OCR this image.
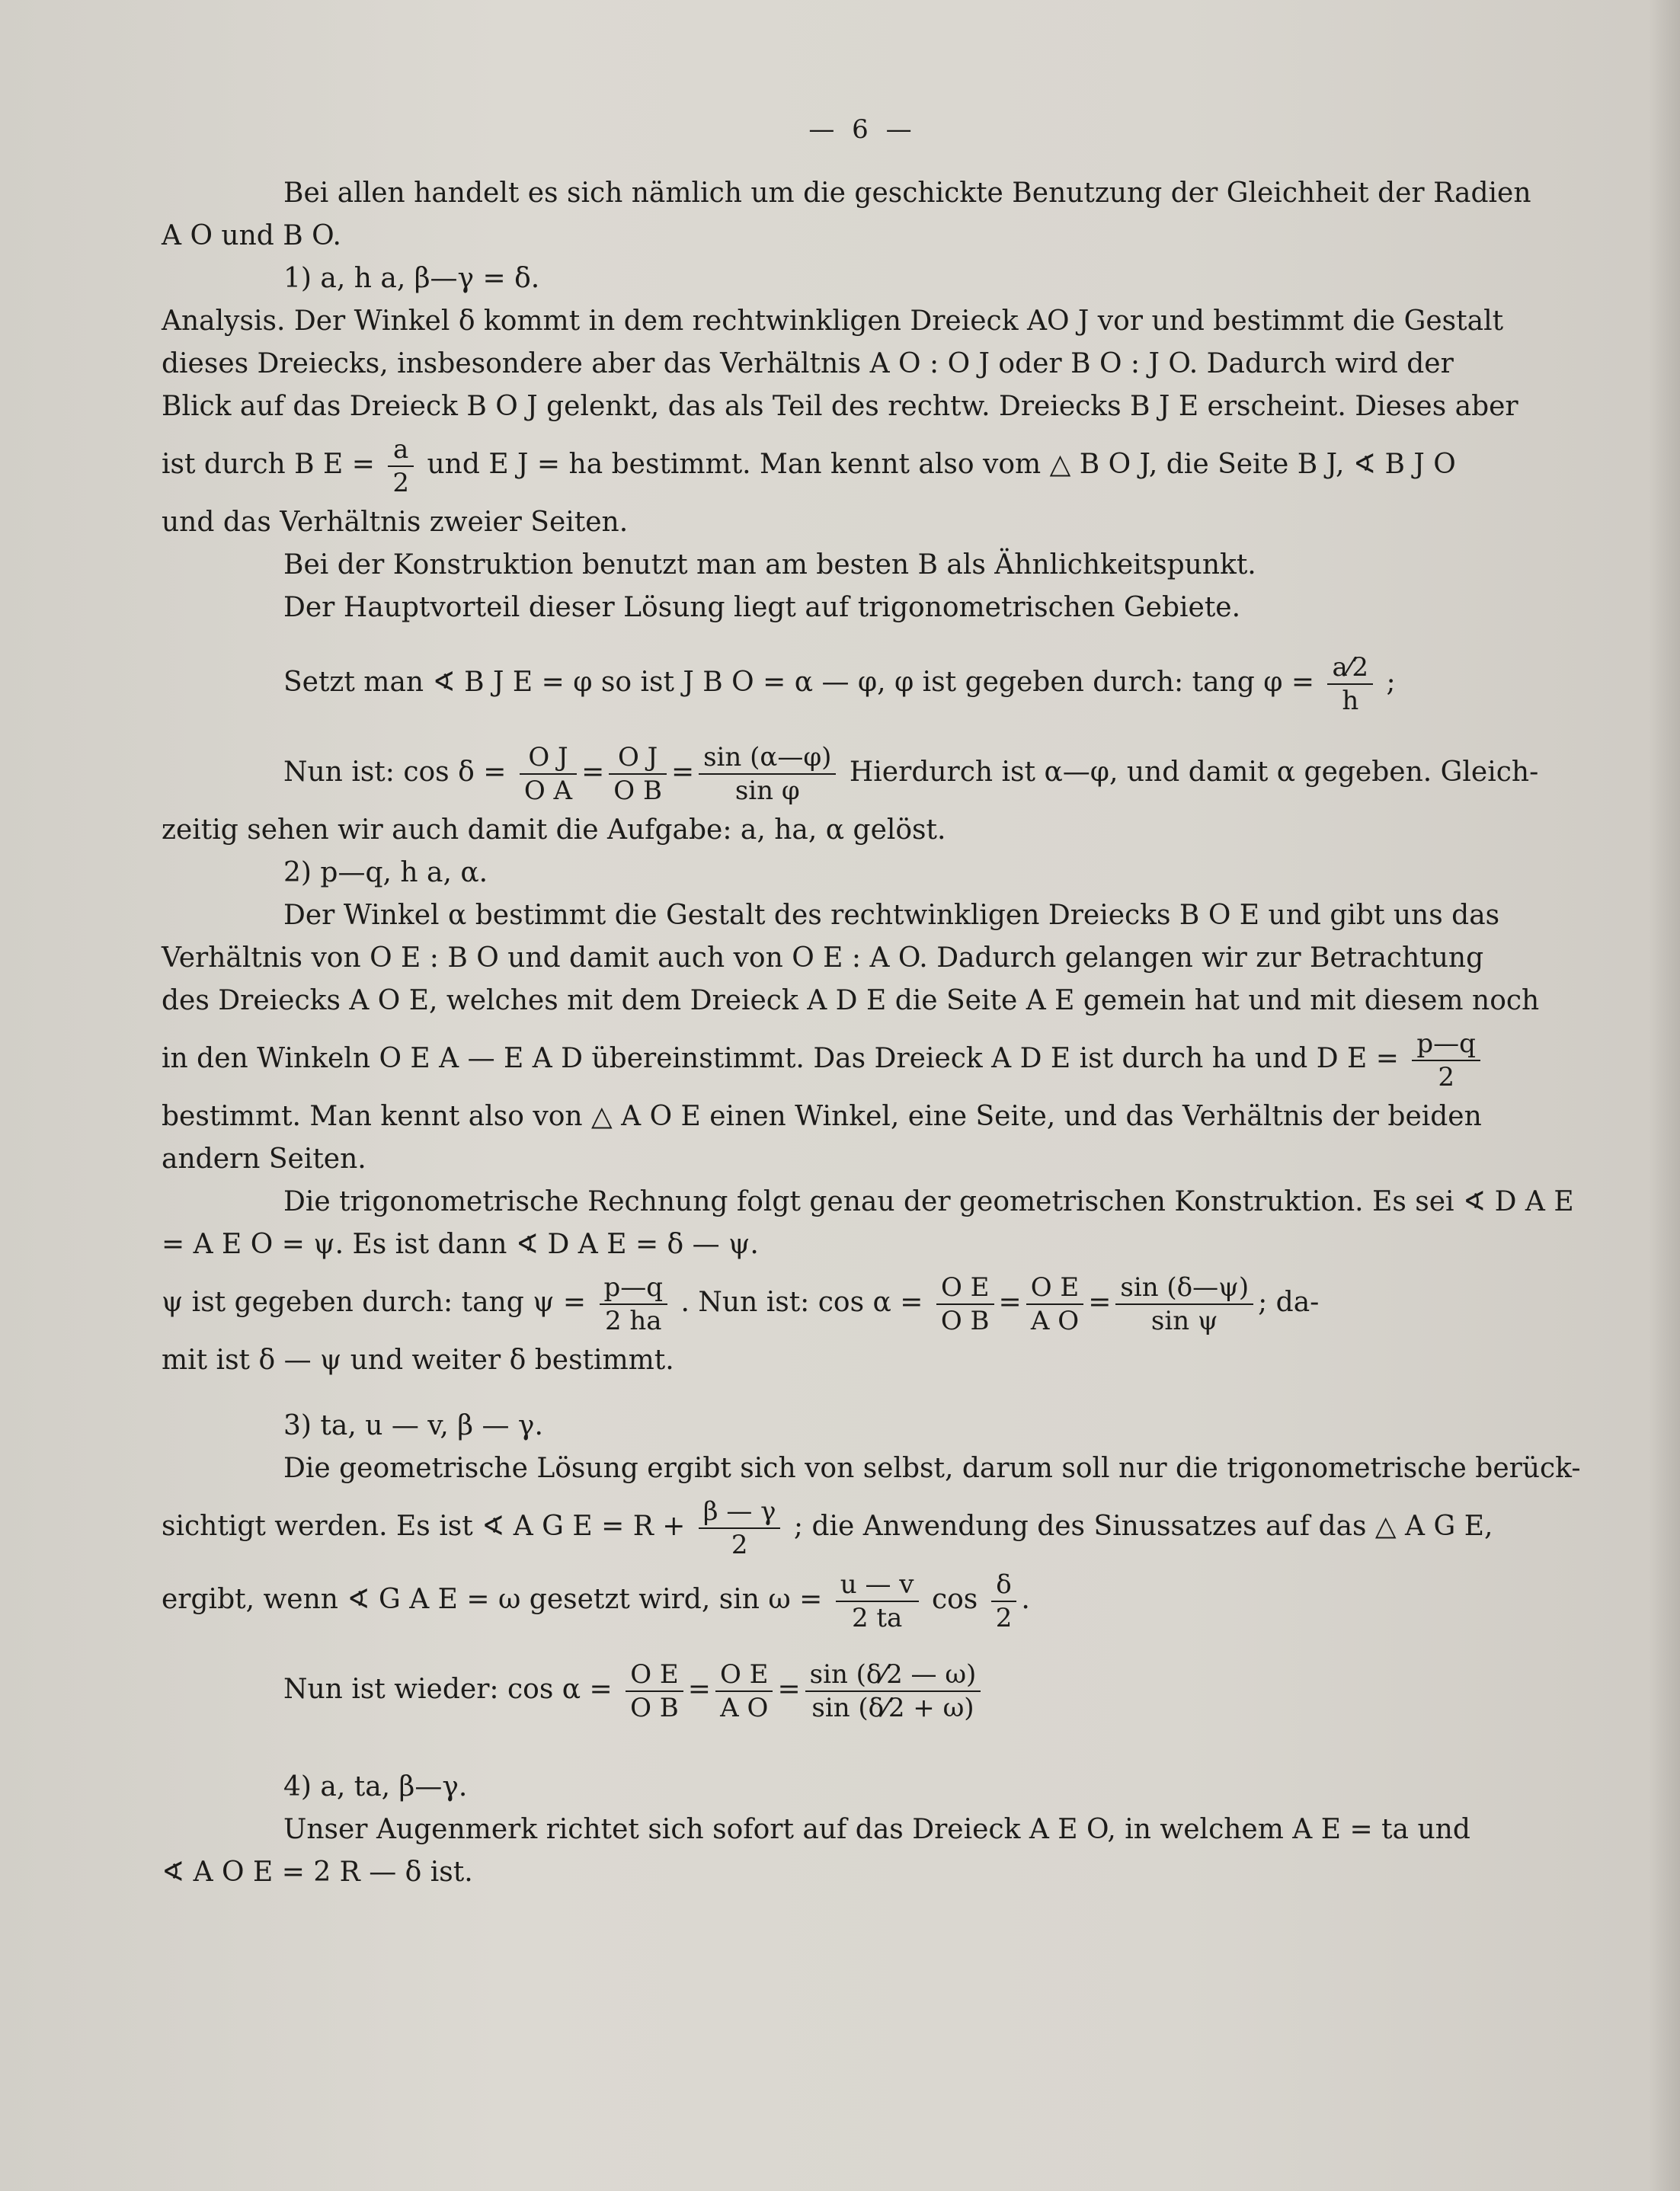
— 6 —
Bei allen handelt es sich nämlich um die geschickte Benutzung der Gleichheit der Radien
A O und B O.
1) a, h a, β—γ = δ.
Analysis. Der Winkel δ kommt in dem rechtwinkligen Dreieck AO J vor und bestimmt die Gestalt
dieses Dreiecks, insbesondere aber das Verhältnis A O : O J oder B O : J O. Dadurch wird der
Blick auf das Dreieck B O J gelenkt, das als Teil des rechtw. Dreiecks B J E erscheint. Dieses aber
ist durch B $E = \frac{a}{2}$ und E J = ha bestimmt. Man kennt also vom △ B O J, die Seite B J, ∢ B J O
und das Verhältnis zweier Seiten.
Bei der Konstruktion benutzt man am besten B als Ähnlichkeitspunkt.
Der Hauptvorteil dieser Lösung liegt auf trigonometrischen Gebiete.
Setzt man ∢ B J E = φ so ist J B O = α — φ, φ ist gegeben durch: tang $\varphi = \frac{a⁄2}{h}$ ;
Nun ist: $\cos \delta = \frac{\text{O J}}{\text{O A}} = \frac{\text{O J}}{\text{O B}} = \frac{\sin (\alpha—\varphi)}{\text{sin φ}}$ Hierdurch ist α—φ, und damit α gegeben. Gleich-
zeitig sehen wir auch damit die Aufgabe: a, ha, α gelöst.
2) p—q, h a, α.
Der Winkel α bestimmt die Gestalt des rechtwinkligen Dreiecks B O E und gibt uns das
Verhältnis von O E : B O und damit auch von O E : A O. Dadurch gelangen wir zur Betrachtung
des Dreiecks A O E, welches mit dem Dreieck A D E die Seite A E gemein hat und mit diesem noch
in den Winkeln O E A — E A D übereinstimmt. Das Dreieck A D E ist durch ha und D $E = \frac{p—q}{2}$
bestimmt. Man kennt also von △ A O E einen Winkel, eine Seite, und das Verhältnis der beiden
andern Seiten.
Die trigonometrische Rechnung folgt genau der geometrischen Konstruktion. Es sei ∢ D A E
= A E O = ψ. Es ist dann ∢ D A E = δ — ψ.
ψ ist gegeben durch: tang $\psi = \frac{p—q}{2 ha}$ . Nun ist: $\cos \alpha = \frac{\text{O E}}{\text{O B}} = \frac{\text{O E}}{\text{A O}} = \frac{\sin (\delta—\psi)}{\text{sin ψ}}$ ; da-
mit ist δ — ψ und weiter δ bestimmt.
3) ta, u — v, β — γ.
Die geometrische Lösung ergibt sich von selbst, darum soll nur die trigonometrische berück-
sichtigt werden. Es ist ∢ A G $E = R + \frac{\beta — \gamma}{2}$ ; die Anwendung des Sinussatzes auf das △ A G E,
ergibt, wenn ∢ G A E = ω gesetzt wird, $\sin \omega = \frac{u — v}{2 ta}$ $\cos \frac{\delta}{2}$ .
Nun ist wieder: $\cos \alpha = \frac{\text{O E}}{\text{O B}} = \frac{\text{O E}}{\text{A O}} = \frac{\sin (\delta⁄2 — \omega)}{\sin (\delta⁄2 + \omega)}$
4) a, ta, β—γ.
Unser Augenmerk richtet sich sofort auf das Dreieck A E O, in welchem A E = ta und
∢ A O E = 2 R — δ ist.
